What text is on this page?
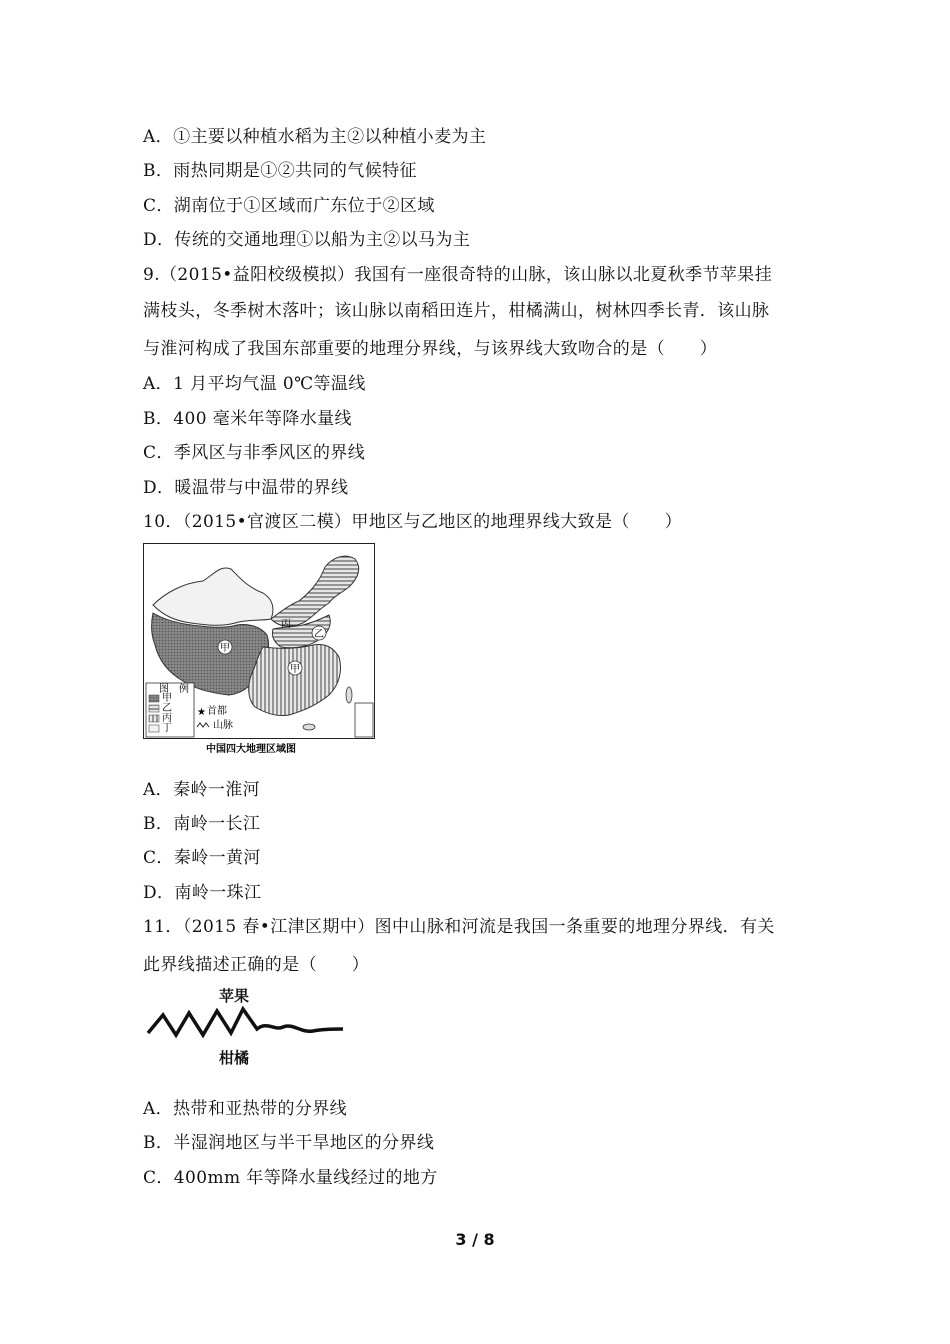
A．①主要以种植水稻为主②以种植小麦为主
B．雨热同期是①②共同的气候特征
C．湖南位于①区域而广东位于②区域
D．传统的交通地理①以船为主②以马为主
9.（2015•益阳校级模拟）我国有一座很奇特的山脉，该山脉以北夏秋季节苹果挂
满枝头，冬季树木落叶；该山脉以南稻田连片，柑橘满山，树林四季长青．该山脉
与淮河构成了我国东部重要的地理分界线，与该界线大致吻合的是（　　）
A．1 月平均气温 0℃等温线
B．400 毫米年等降水量线
C．季风区与非季风区的界线
D．暖温带与中温带的界线
10．（2015•官渡区二模）甲地区与乙地区的地理界线大致是（　　）
甲
甲
乙
丙
图　例
甲
乙
丙
丁
★ 首都
山脉
中国四大地理区域图
A．秦岭一淮河
B．南岭一长江
C．秦岭一黄河
D．南岭一珠江
11．（2015 春•江津区期中）图中山脉和河流是我国一条重要的地理分界线．有关
此界线描述正确的是（　　）
苹果
柑橘
A．热带和亚热带的分界线
B．半湿润地区与半干旱地区的分界线
C．400mm 年等降水量线经过的地方
3 / 8
